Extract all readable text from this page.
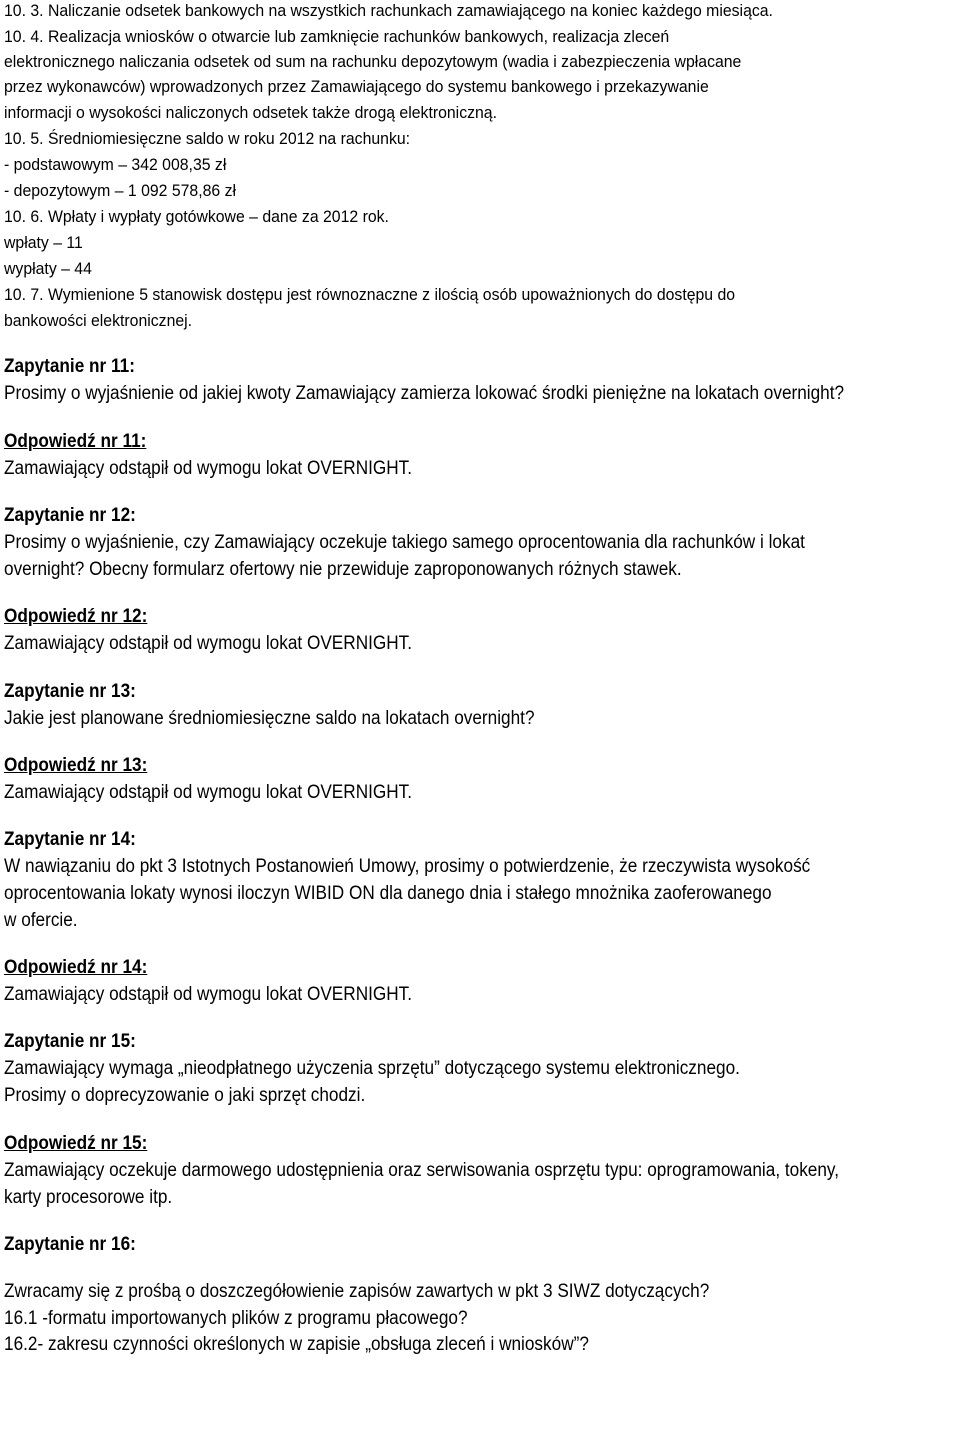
10. 3. Naliczanie odsetek bankowych na wszystkich rachunkach zamawiającego na koniec każdego miesiąca.
10. 4. Realizacja wniosków o otwarcie lub zamknięcie rachunków bankowych, realizacja zleceń
elektronicznego naliczania odsetek od sum na rachunku depozytowym (wadia i zabezpieczenia wpłacane
przez wykonawców) wprowadzonych przez Zamawiającego do systemu bankowego i przekazywanie
informacji o wysokości naliczonych odsetek także drogą elektroniczną.
10. 5. Średniomiesięczne saldo w roku 2012 na rachunku:
- podstawowym – 342 008,35 zł
- depozytowym – 1 092 578,86 zł
10. 6. Wpłaty i wypłaty gotówkowe – dane za 2012 rok.
wpłaty – 11
wypłaty – 44
10. 7. Wymienione 5 stanowisk dostępu jest równoznaczne z ilością osób upoważnionych do dostępu do
bankowości elektronicznej.
Zapytanie nr 11:
Prosimy o wyjaśnienie od jakiej kwoty Zamawiający zamierza lokować środki pieniężne na lokatach overnight?
Odpowiedź nr 11:
Zamawiający odstąpił od wymogu lokat OVERNIGHT.
Zapytanie nr 12:
Prosimy o wyjaśnienie, czy Zamawiający oczekuje takiego samego oprocentowania dla rachunków i lokat
overnight? Obecny formularz ofertowy nie przewiduje zaproponowanych różnych stawek.
Odpowiedź nr 12:
Zamawiający odstąpił od wymogu lokat OVERNIGHT.
Zapytanie nr 13:
Jakie jest planowane średniomiesięczne saldo na lokatach overnight?
Odpowiedź nr 13:
Zamawiający odstąpił od wymogu lokat OVERNIGHT.
Zapytanie nr 14:
W nawiązaniu do pkt 3 Istotnych Postanowień Umowy, prosimy o potwierdzenie, że rzeczywista wysokość
oprocentowania lokaty wynosi iloczyn WIBID ON dla danego dnia i stałego mnożnika zaoferowanego
w ofercie.
Odpowiedź nr 14:
Zamawiający odstąpił od wymogu lokat OVERNIGHT.
Zapytanie nr 15:
Zamawiający wymaga „nieodpłatnego użyczenia sprzętu” dotyczącego systemu elektronicznego.
Prosimy o doprecyzowanie o jaki sprzęt chodzi.
Odpowiedź nr 15:
Zamawiający oczekuje darmowego udostępnienia oraz serwisowania osprzętu typu: oprogramowania, tokeny,
karty procesorowe itp.
Zapytanie nr 16:
Zwracamy się z prośbą o doszczegółowienie zapisów zawartych w pkt 3 SIWZ dotyczących?
16.1 -formatu importowanych plików z programu płacowego?
16.2- zakresu czynności określonych w zapisie „obsługa zleceń i wniosków”?
